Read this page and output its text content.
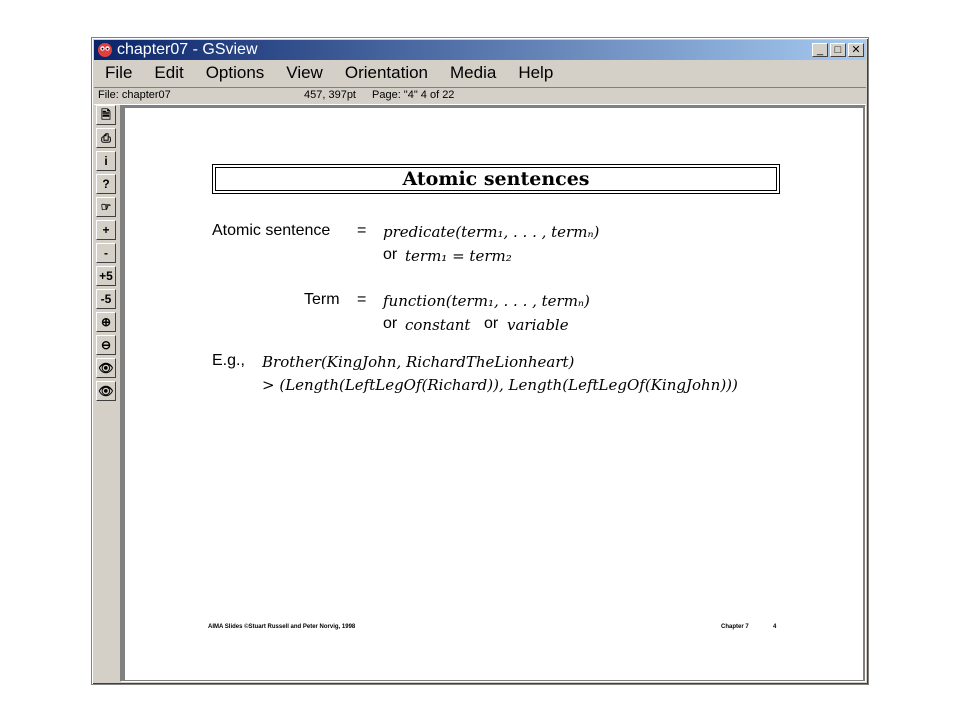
chapter07 - GSview	_	□ ✕
File	Edit	Options	View	Orientation	Media	Help
File: chapter07	457, 397pt Page: "4" 4 of 22
🗎
⎙
i
?
☞
+
-
+5
-5
⊕
⊖
👁
👁
Atomic sentences
Atomic sentence = predicate(term₁, . . . , termₙ)
or term₁ = term₂
Term = function(term₁, . . . , termₙ)
or constant or variable
E.g., Brother(KingJohn, RichardTheLionheart)
> (Length(LeftLegOf(Richard)), Length(LeftLegOf(KingJohn)))
AIMA Slides ©Stuart Russell and Peter Norvig, 1998	Chapter 7	4
